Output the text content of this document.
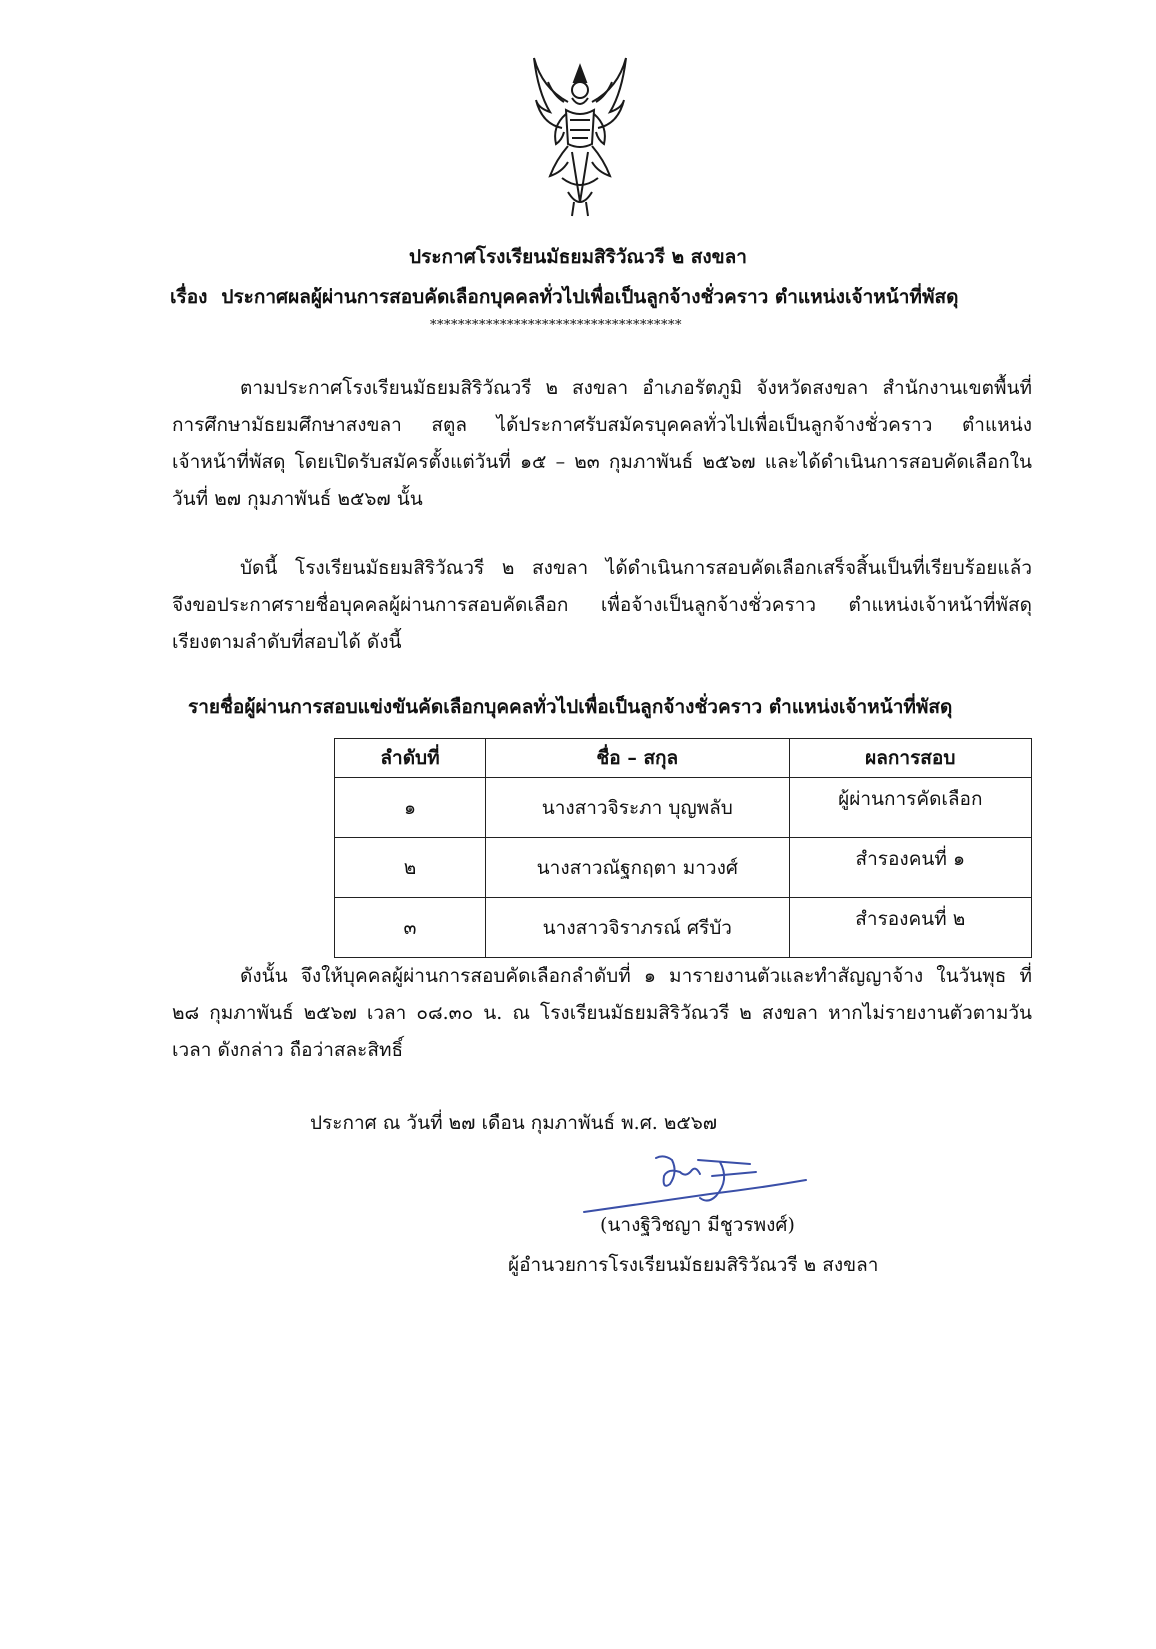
ประกาศโรงเรียนมัธยมสิริวัณวรี ๒ สงขลา
เรื่อง ประกาศผลผู้ผ่านการสอบคัดเลือกบุคคลทั่วไปเพื่อเป็นลูกจ้างชั่วคราว ตำแหน่งเจ้าหน้าที่พัสดุ
************************************
ตามประกาศโรงเรียนมัธยมสิริวัณวรี ๒ สงขลา อำเภอรัตภูมิ จังหวัดสงขลา สำนักงานเขตพื้นที่
การศึกษามัธยมศึกษาสงขลา สตูล ได้ประกาศรับสมัครบุคคลทั่วไปเพื่อเป็นลูกจ้างชั่วคราว ตำแหน่ง
เจ้าหน้าที่พัสดุ โดยเปิดรับสมัครตั้งแต่วันที่ ๑๕ – ๒๓ กุมภาพันธ์ ๒๕๖๗ และได้ดำเนินการสอบคัดเลือกใน
วันที่ ๒๗ กุมภาพันธ์ ๒๕๖๗ นั้น
บัดนี้ โรงเรียนมัธยมสิริวัณวรี ๒ สงขลา ได้ดำเนินการสอบคัดเลือกเสร็จสิ้นเป็นที่เรียบร้อยแล้ว
จึงขอประกาศรายชื่อบุคคลผู้ผ่านการสอบคัดเลือก เพื่อจ้างเป็นลูกจ้างชั่วคราว ตำแหน่งเจ้าหน้าที่พัสดุ
เรียงตามลำดับที่สอบได้ ดังนี้
รายชื่อผู้ผ่านการสอบแข่งขันคัดเลือกบุคคลทั่วไปเพื่อเป็นลูกจ้างชั่วคราว ตำแหน่งเจ้าหน้าที่พัสดุ
ลำดับที่	ชื่อ – สกุล	ผลการสอบ
๑	นางสาวจิระภา บุญพลับ	ผู้ผ่านการคัดเลือก
๒	นางสาวณัฐกฤตา มาวงศ์	สำรองคนที่ ๑
๓	นางสาวจิราภรณ์ ศรีบัว	สำรองคนที่ ๒
ดังนั้น จึงให้บุคคลผู้ผ่านการสอบคัดเลือกลำดับที่ ๑ มารายงานตัวและทำสัญญาจ้าง ในวันพุธ ที่
๒๘ กุมภาพันธ์ ๒๕๖๗ เวลา ๐๘.๓๐ น. ณ โรงเรียนมัธยมสิริวัณวรี ๒ สงขลา หากไม่รายงานตัวตามวัน
เวลา ดังกล่าว ถือว่าสละสิทธิ์
ประกาศ ณ วันที่ ๒๗ เดือน กุมภาพันธ์ พ.ศ. ๒๕๖๗
(นางฐิวิชญา มีชูวรพงศ์)
ผู้อำนวยการโรงเรียนมัธยมสิริวัณวรี ๒ สงขลา
